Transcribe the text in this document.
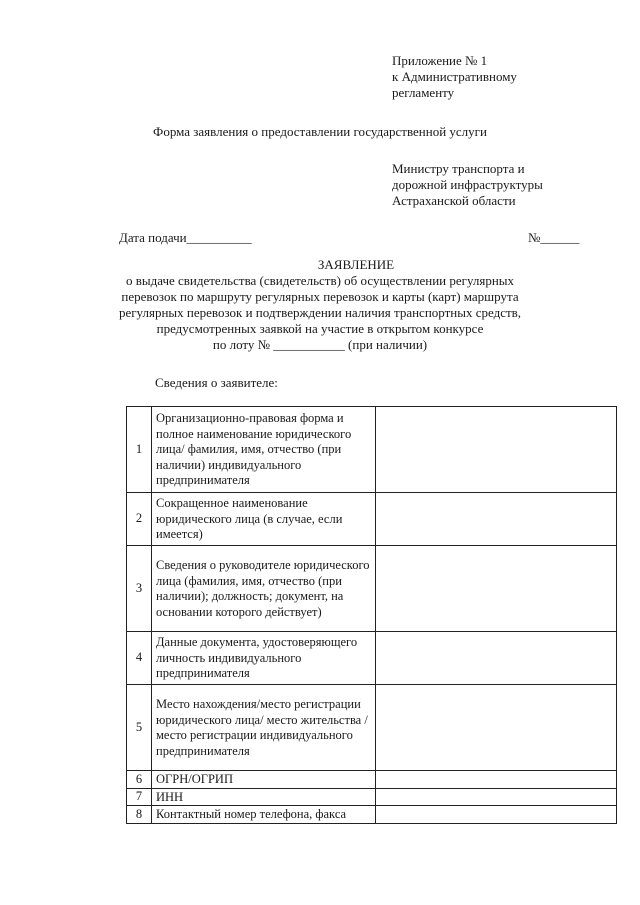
Приложение № 1
к Административному
регламенту
Форма заявления о предоставлении государственной услуги
Министру транспорта и
дорожной инфраструктуры
Астраханской области
Дата подачи__________	№______
ЗАЯВЛЕНИЕ
о выдаче свидетельства (свидетельств) об осуществлении регулярных
перевозок по маршруту регулярных перевозок и карты (карт) маршрута
регулярных перевозок и подтверждении наличия транспортных средств,
предусмотренных заявкой на участие в открытом конкурсе
по лоту № ___________ (при наличии)
Сведения о заявителе:
1	Организационно-правовая форма и полное наименование юридического лица/ фамилия, имя, отчество (при наличии) индивидуального предпринимателя	
2	Сокращенное наименование юридического лица (в случае, если имеется)	
3	Сведения о руководителе юридического лица (фамилия, имя, отчество (при наличии); должность; документ, на основании которого действует)	
4	Данные документа, удостоверяющего личность индивидуального предпринимателя	
5	Место нахождения/место регистрации юридического лица/ место жительства /место регистрации индивидуального предпринимателя	
6	ОГРН/ОГРИП	
7	ИНН	
8	Контактный номер телефона, факса	
